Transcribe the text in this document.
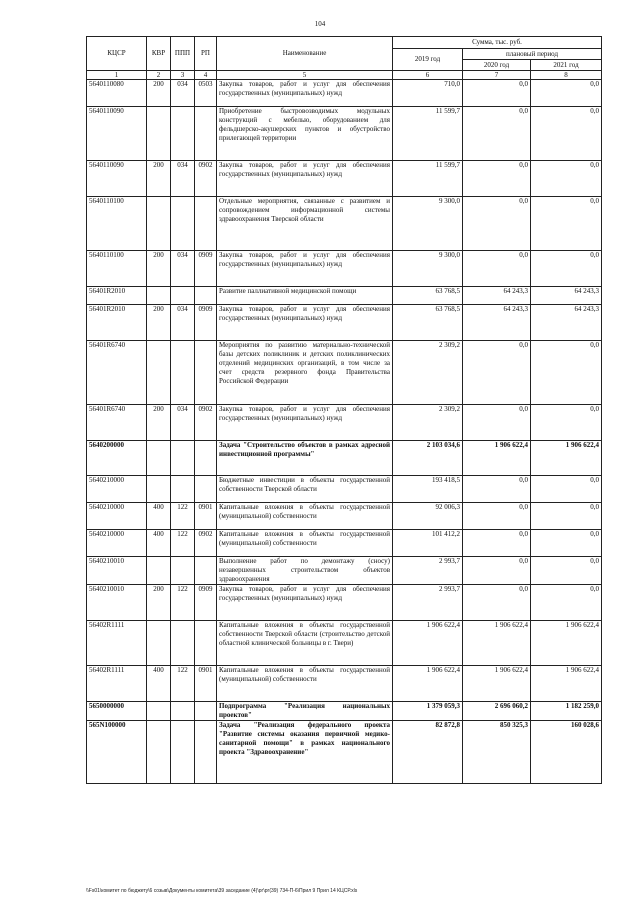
104
КЦСР	КВР	ППП	РП	Наименование	Сумма, тыс. руб.		
					2019 год	плановый период	
						2020 год	2021 год
1	2	3	4	5	6	7	8
5640110080	200	034	0503	Закупка товаров, работ и услуг для обеспечения государственных (муниципальных) нужд	710,0	0,0	0,0
5640110090				Приобретение быстровозводимых модульных конструкций с мебелью, оборудованием для фельдшерско-акушерских пунктов и обустройство прилегающей территории	11 599,7	0,0	0,0
5640110090	200	034	0902	Закупка товаров, работ и услуг для обеспечения государственных (муниципальных) нужд	11 599,7	0,0	0,0
5640110100				Отдельные мероприятия, связанные с развитием и сопровождением информационной системы здравоохранения Тверской области	9 300,0	0,0	0,0
5640110100	200	034	0909	Закупка товаров, работ и услуг для обеспечения государственных (муниципальных) нужд	9 300,0	0,0	0,0
56401R2010				Развитие паллиативной медицинской помощи	63 768,5	64 243,3	64 243,3
56401R2010	200	034	0909	Закупка товаров, работ и услуг для обеспечения государственных (муниципальных) нужд	63 768,5	64 243,3	64 243,3
56401R6740				Мероприятия по развитию материально-технической базы детских поликлиник и детских поликлинических отделений медицинских организаций, в том числе за счет средств резервного фонда Правительства Российской Федерации	2 309,2	0,0	0,0
56401R6740	200	034	0902	Закупка товаров, работ и услуг для обеспечения государственных (муниципальных) нужд	2 309,2	0,0	0,0
5640200000				Задача "Строительство объектов в рамках адресной инвестиционной программы"	2 103 034,6	1 906 622,4	1 906 622,4
5640210000				Бюджетные инвестиции в объекты государственной собственности Тверской области	193 418,5	0,0	0,0
5640210000	400	122	0901	Капитальные вложения в объекты государственной (муниципальной) собственности	92 006,3	0,0	0,0
5640210000	400	122	0902	Капитальные вложения в объекты государственной (муниципальной) собственности	101 412,2	0,0	0,0
5640210010				Выполнение работ по демонтажу (сносу) незавершенных строительством объектов здравоохранения	2 993,7	0,0	0,0
5640210010	200	122	0909	Закупка товаров, работ и услуг для обеспечения государственных (муниципальных) нужд	2 993,7	0,0	0,0
56402R1111				Капитальные вложения в объекты государственной собственности Тверской области (строительство детской областной клинической больницы в г. Твери)	1 906 622,4	1 906 622,4	1 906 622,4
56402R1111	400	122	0901	Капитальные вложения в объекты государственной (муниципальной) собственности	1 906 622,4	1 906 622,4	1 906 622,4
5650000000				Подпрограмма "Реализация национальных проектов"	1 379 059,3	2 696 060,2	1 182 259,0
565N100000				Задача "Реализация федерального проекта "Развитие системы оказания первичной медико-санитарной помощи" в рамках национального проекта "Здравоохранение"	82 872,8	850 325,3	160 028,6
\\Fs01\комитет по бюджету\6 созыв\Документы комитета\39 заседание (4)\рг\рг(39) 734-П-6\Прил 9 Прил 14 КЦСР.xls
